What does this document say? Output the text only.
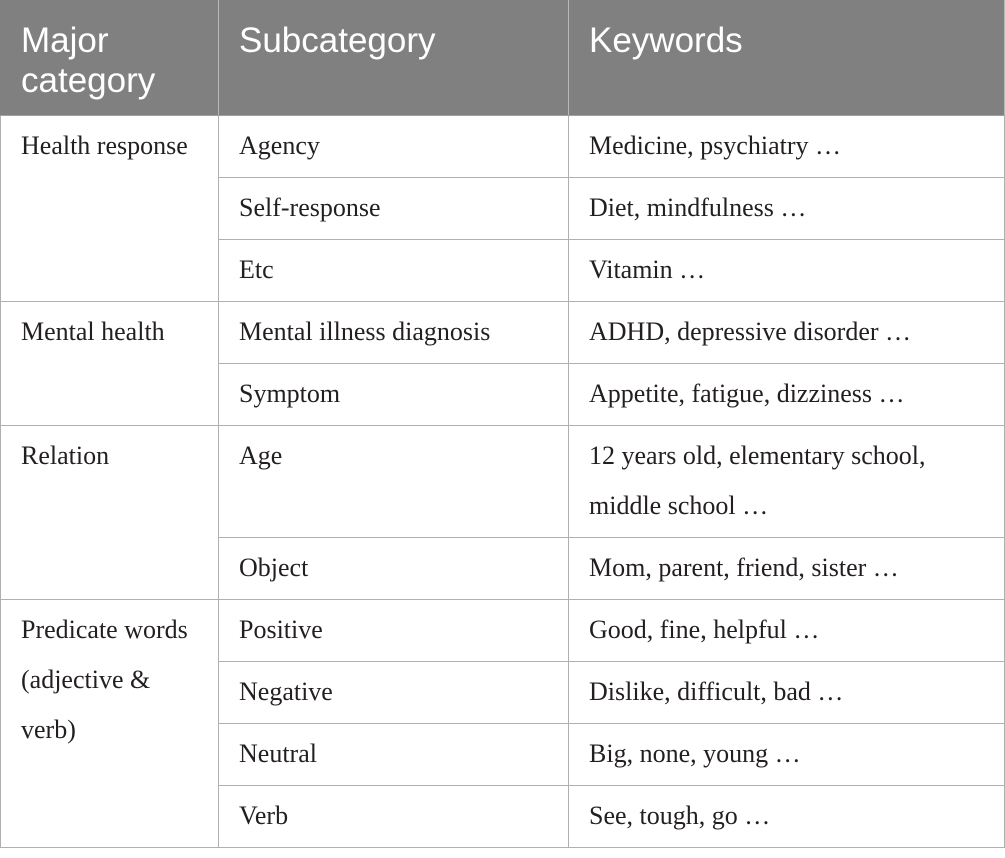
Major category	Subcategory	Keywords
Health response	Agency	Medicine, psychiatry …
	Self-response	Diet, mindfulness …
	Etc	Vitamin …
Mental health	Mental illness diagnosis	ADHD, depressive disorder …
	Symptom	Appetite, fatigue, dizziness …
Relation	Age	12 years old, elementary school, middle school …
	Object	Mom, parent, friend, sister …
Predicate words (adjective & verb)	Positive	Good, fine, helpful …
	Negative	Dislike, difficult, bad …
	Neutral	Big, none, young …
	Verb	See, tough, go …
